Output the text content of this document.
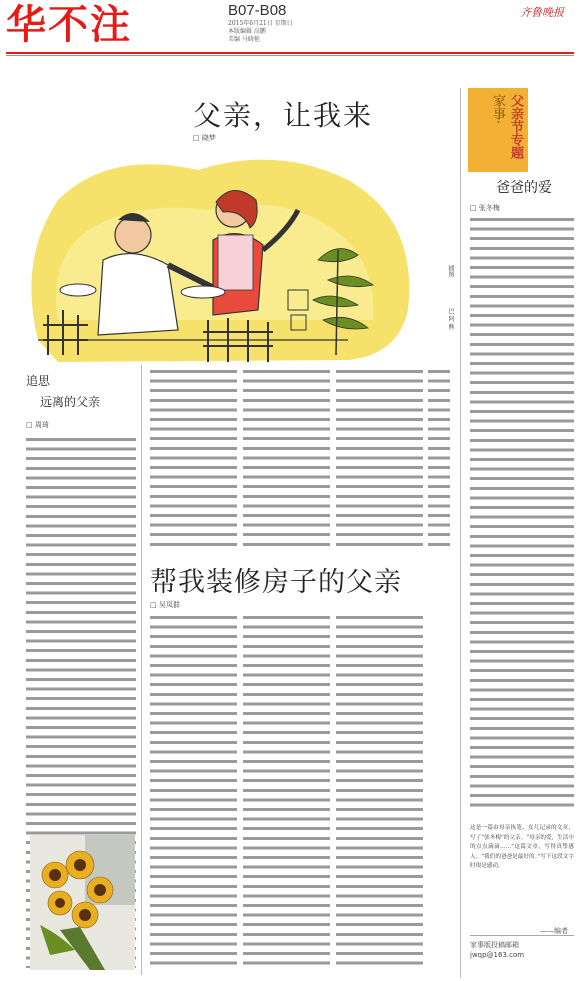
华不注	B07-B08
2015年6月21日 星期日
本版编辑 高鹏
美编 马晓艳
齐鲁晚报
父亲，让我来
□ 晓梦
插图
巴 阿 熊
追思
远离的父亲
□ 周琦
帮我装修房子的父亲
□ 吴凤群
父亲节专题
家事·
爸爸的爱
□ 张冬梅
这是一篇由母亲执笔、女儿记录的文章，写了“张冬梅”的父亲。“母亲的爱，生活中的点点滴滴……”这篇文章，写得真挚感人。“我们的爸爸是最好的。”写下这段文字时很是感动。
——编者
家事版投稿邮箱
jwqp@163.com
